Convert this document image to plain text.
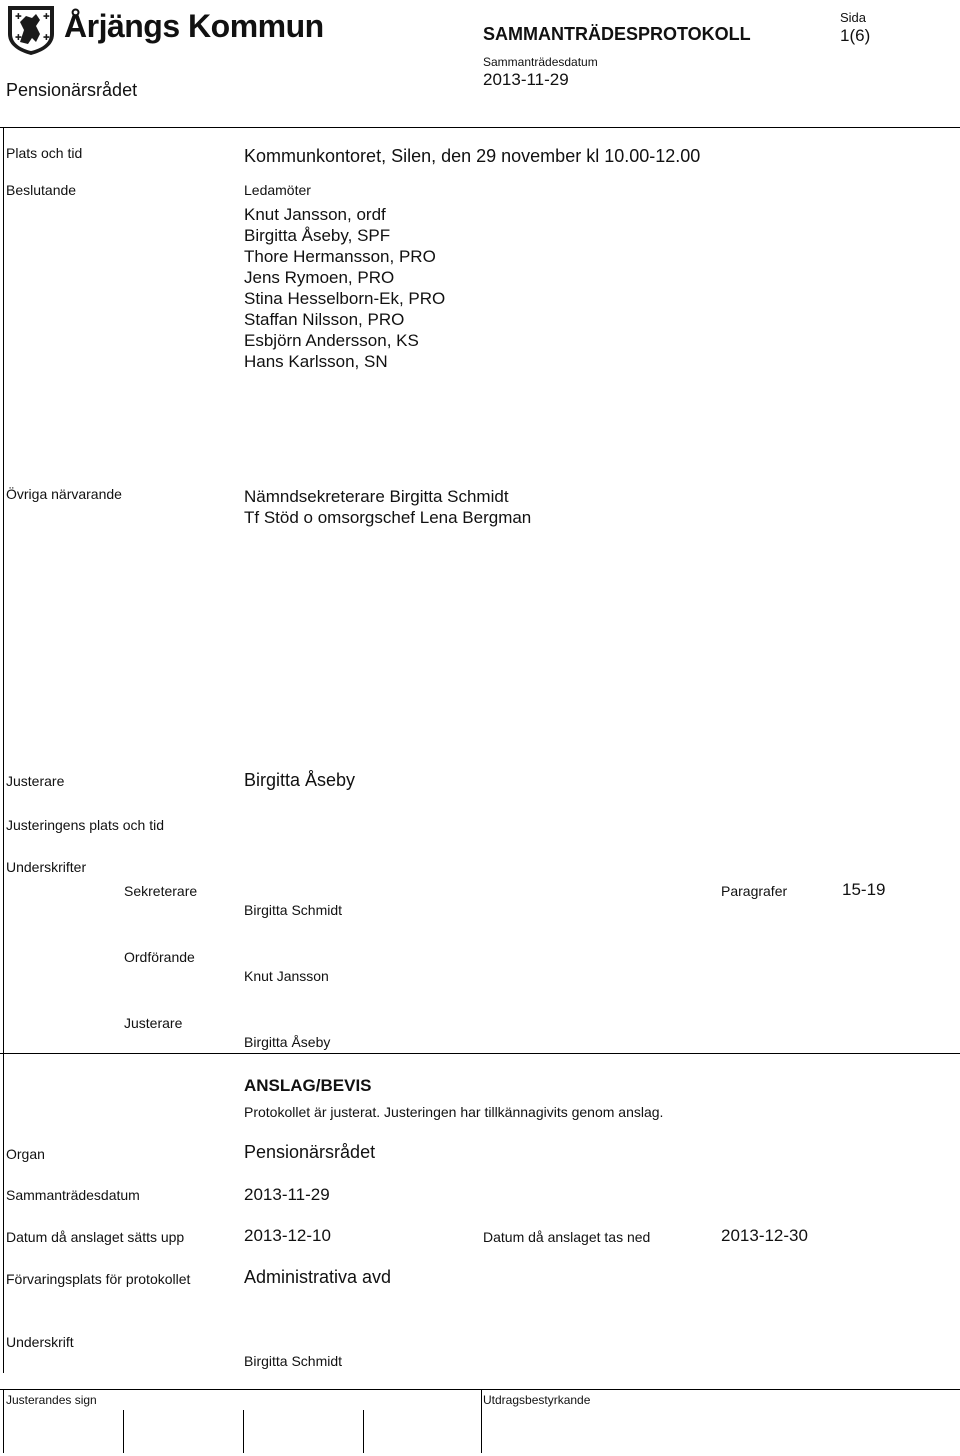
✚	✚
✚	✚ Årjängs Kommun	SAMMANTRÄDESPROTOKOLL
Sida
1(6)
Pensionärsrådet
Sammanträdesdatum
2013-11-29
Plats och tid	Kommunkontoret, Silen, den 29 november kl 10.00-12.00
Beslutande	Ledamöter
Knut Jansson, ordf
Birgitta Åseby, SPF
Thore Hermansson, PRO
Jens Rymoen, PRO
Stina Hesselborn-Ek, PRO
Staffan Nilsson, PRO
Esbjörn Andersson, KS
Hans Karlsson, SN
Övriga närvarande	Nämndsekreterare Birgitta Schmidt
Tf Stöd o omsorgschef Lena Bergman
Justerare	Birgitta Åseby
Justeringens plats och tid
Underskrifter
Sekreterare
Birgitta Schmidt
Paragrafer	15-19
Ordförande
Knut Jansson
Justerare
Birgitta Åseby
ANSLAG/BEVIS
Protokollet är justerat. Justeringen har tillkännagivits genom anslag.
Organ	Pensionärsrådet
Sammanträdesdatum	2013-11-29
Datum då anslaget sätts upp	2013-12-10	Datum då anslaget tas ned	2013-12-30
Förvaringsplats för protokollet	Administrativa avd
Underskrift
Birgitta Schmidt
Justerandes sign	Utdragsbestyrkande
